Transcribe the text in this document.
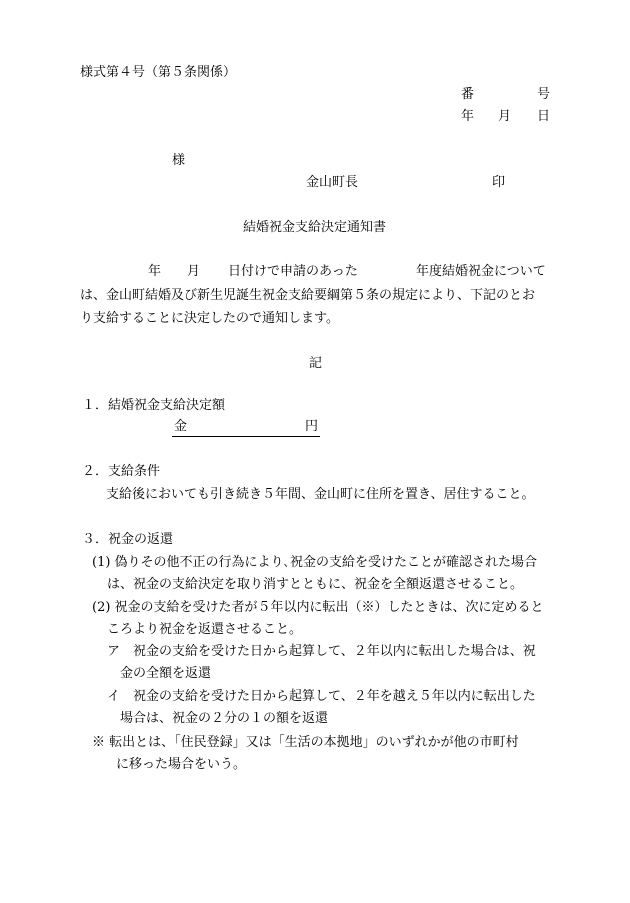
様式第４号（第５条関係）
番	号
年 月 日
様
金山町長	印
結婚祝金支給決定通知書
年 月 日付けで申請のあった	年度結婚祝金について
は、金山町結婚及び新生児誕生祝金支給要綱第５条の規定により、下記のとお
り支給することに決定したので通知します。
記
１．結婚祝金支給決定額
金	円
２．支給条件
支給後においても引き続き５年間、金山町に住所を置き、居住すること。
３．祝金の返還
(1) 偽りその他不正の行為により､祝金の支給を受けたことが確認された場合
は、祝金の支給決定を取り消すとともに、祝金を全額返還させること。
(2) 祝金の支給を受けた者が５年以内に転出（※）したときは、次に定めると
ころより祝金を返還させること。
ア　祝金の支給を受けた日から起算して、２年以内に転出した場合は、祝
金の全額を返還
イ　祝金の支給を受けた日から起算して、２年を越え５年以内に転出した
場合は、祝金の２分の１の額を返還
※ 転出とは、「住民登録」又は「生活の本拠地」のいずれかが他の市町村
に移った場合をいう。
